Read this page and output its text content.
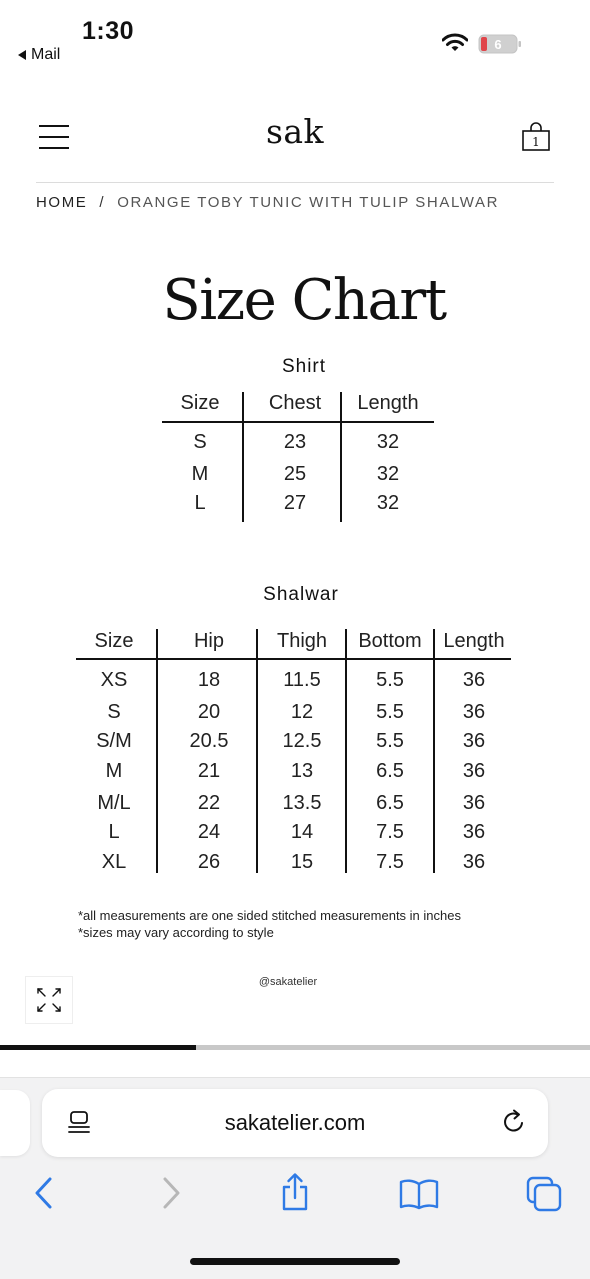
1:30
Mail
6
sak	1
HOME / ORANGE TOBY TUNIC WITH TULIP SHALWAR
Size Chart
Shirt
Size	Chest	Length
S	23	32
M	25	32
L	27	32
Shalwar
Size	Hip	Thigh	Bottom	Length
XS	18	11.5	5.5	36
S	20	12	5.5	36
S/M	20.5	12.5	5.5	36
M	21	13	6.5	36
M/L	22	13.5	6.5	36
L	24	14	7.5	36
XL	26	15	7.5	36
*all measurements are one sided stitched measurements in inches
*sizes may vary according to style
@sakatelier
sakatelier.com
